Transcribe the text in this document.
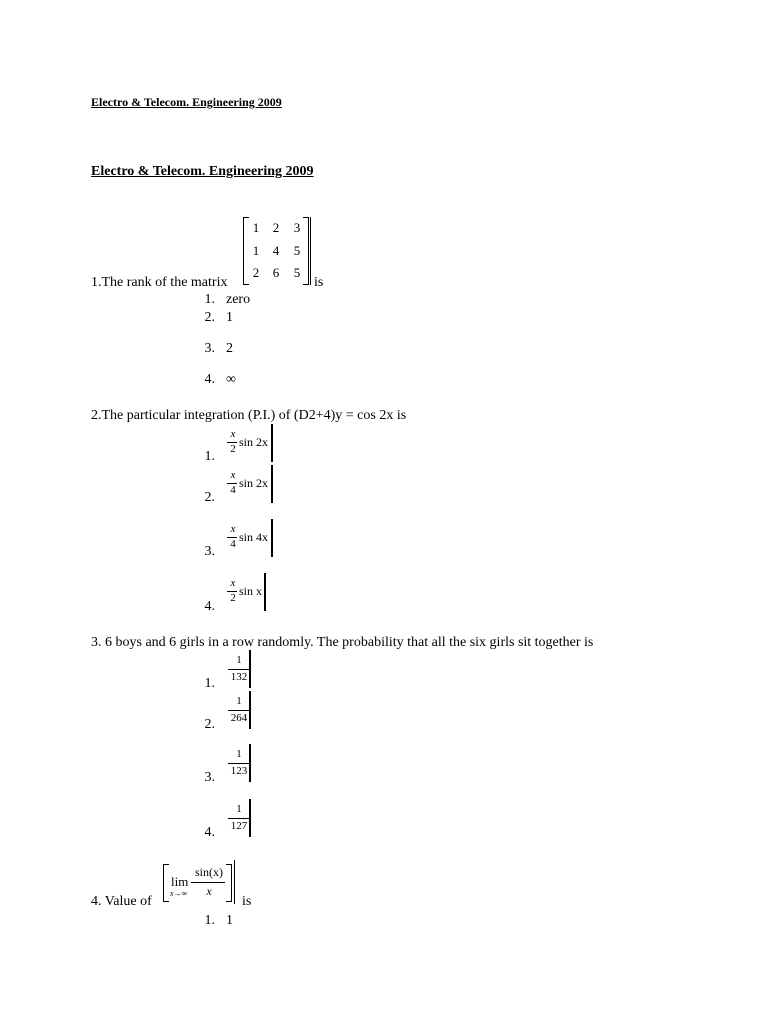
Electro & Telecom. Engineering 2009
Electro & Telecom. Engineering 2009
1.The rank of the matrix
1 2 3
1 4 5
2 6 5
is
1. zero
2. 1
3. 2
4. ∞
2.The particular integration (P.I.) of (D2+4)y = cos 2x is
1.
x
2 sin 2x
2.
x
4 sin 2x
3.
x
4 sin 4x
4.
x
2 sin x
3. 6 boys and 6 girls in a row randomly. The probability that all the six girls sit together is
1.
1
132
2.
1
264
3.
1
123
4.
1
127
4. Value of
lim
x→∞
sin(x)
x
is
1. 1
